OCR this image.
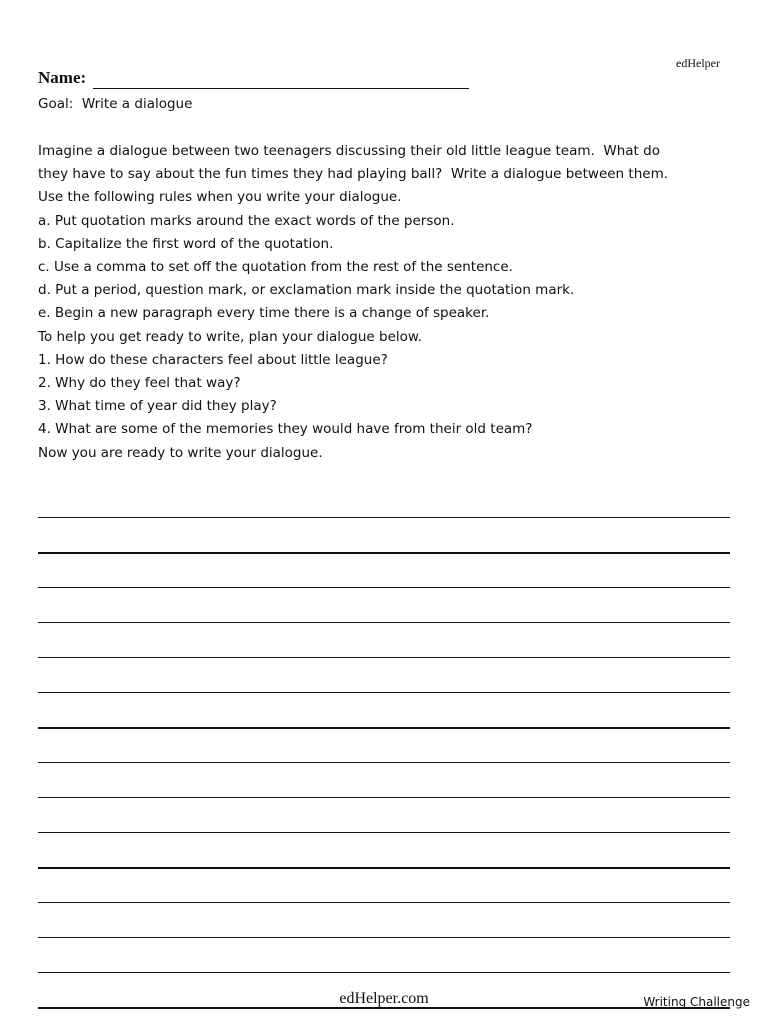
edHelper
Name:
Goal:  Write a dialogue
Imagine a dialogue between two teenagers discussing their old little league team.  What do
they have to say about the fun times they had playing ball?  Write a dialogue between them.
Use the following rules when you write your dialogue.
a. Put quotation marks around the exact words of the person.
b. Capitalize the first word of the quotation.
c. Use a comma to set off the quotation from the rest of the sentence.
d. Put a period, question mark, or exclamation mark inside the quotation mark.
e. Begin a new paragraph every time there is a change of speaker.
To help you get ready to write, plan your dialogue below.
1. How do these characters feel about little league?
2. Why do they feel that way?
3. What time of year did they play?
4. What are some of the memories they would have from their old team?
Now you are ready to write your dialogue.
edHelper.com	Writing Challenge
